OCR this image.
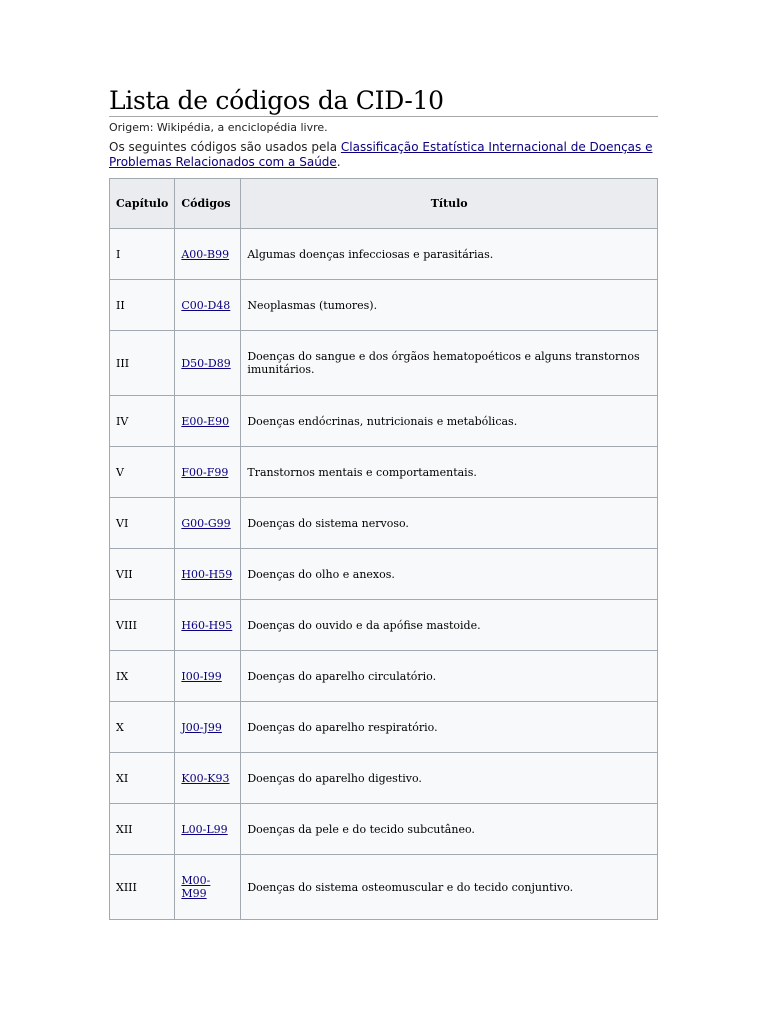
Lista de códigos da CID-10
Origem: Wikipédia, a enciclopédia livre.
Os seguintes códigos são usados pela Classificação Estatística Internacional de Doenças e Problemas Relacionados com a Saúde.
Capítulo	Códigos	Título
I	A00-B99	Algumas doenças infecciosas e parasitárias.
II	C00-D48	Neoplasmas (tumores).
III	D50-D89	Doenças do sangue e dos órgãos hematopoéticos e alguns transtornos imunitários.
IV	E00-E90	Doenças endócrinas, nutricionais e metabólicas.
V	F00-F99	Transtornos mentais e comportamentais.
VI	G00-G99	Doenças do sistema nervoso.
VII	H00-H59	Doenças do olho e anexos.
VIII	H60-H95	Doenças do ouvido e da apófise mastoide.
IX	I00-I99	Doenças do aparelho circulatório.
X	J00-J99	Doenças do aparelho respiratório.
XI	K00-K93	Doenças do aparelho digestivo.
XII	L00-L99	Doenças da pele e do tecido subcutâneo.
XIII	M00-M99	Doenças do sistema osteomuscular e do tecido conjuntivo.
